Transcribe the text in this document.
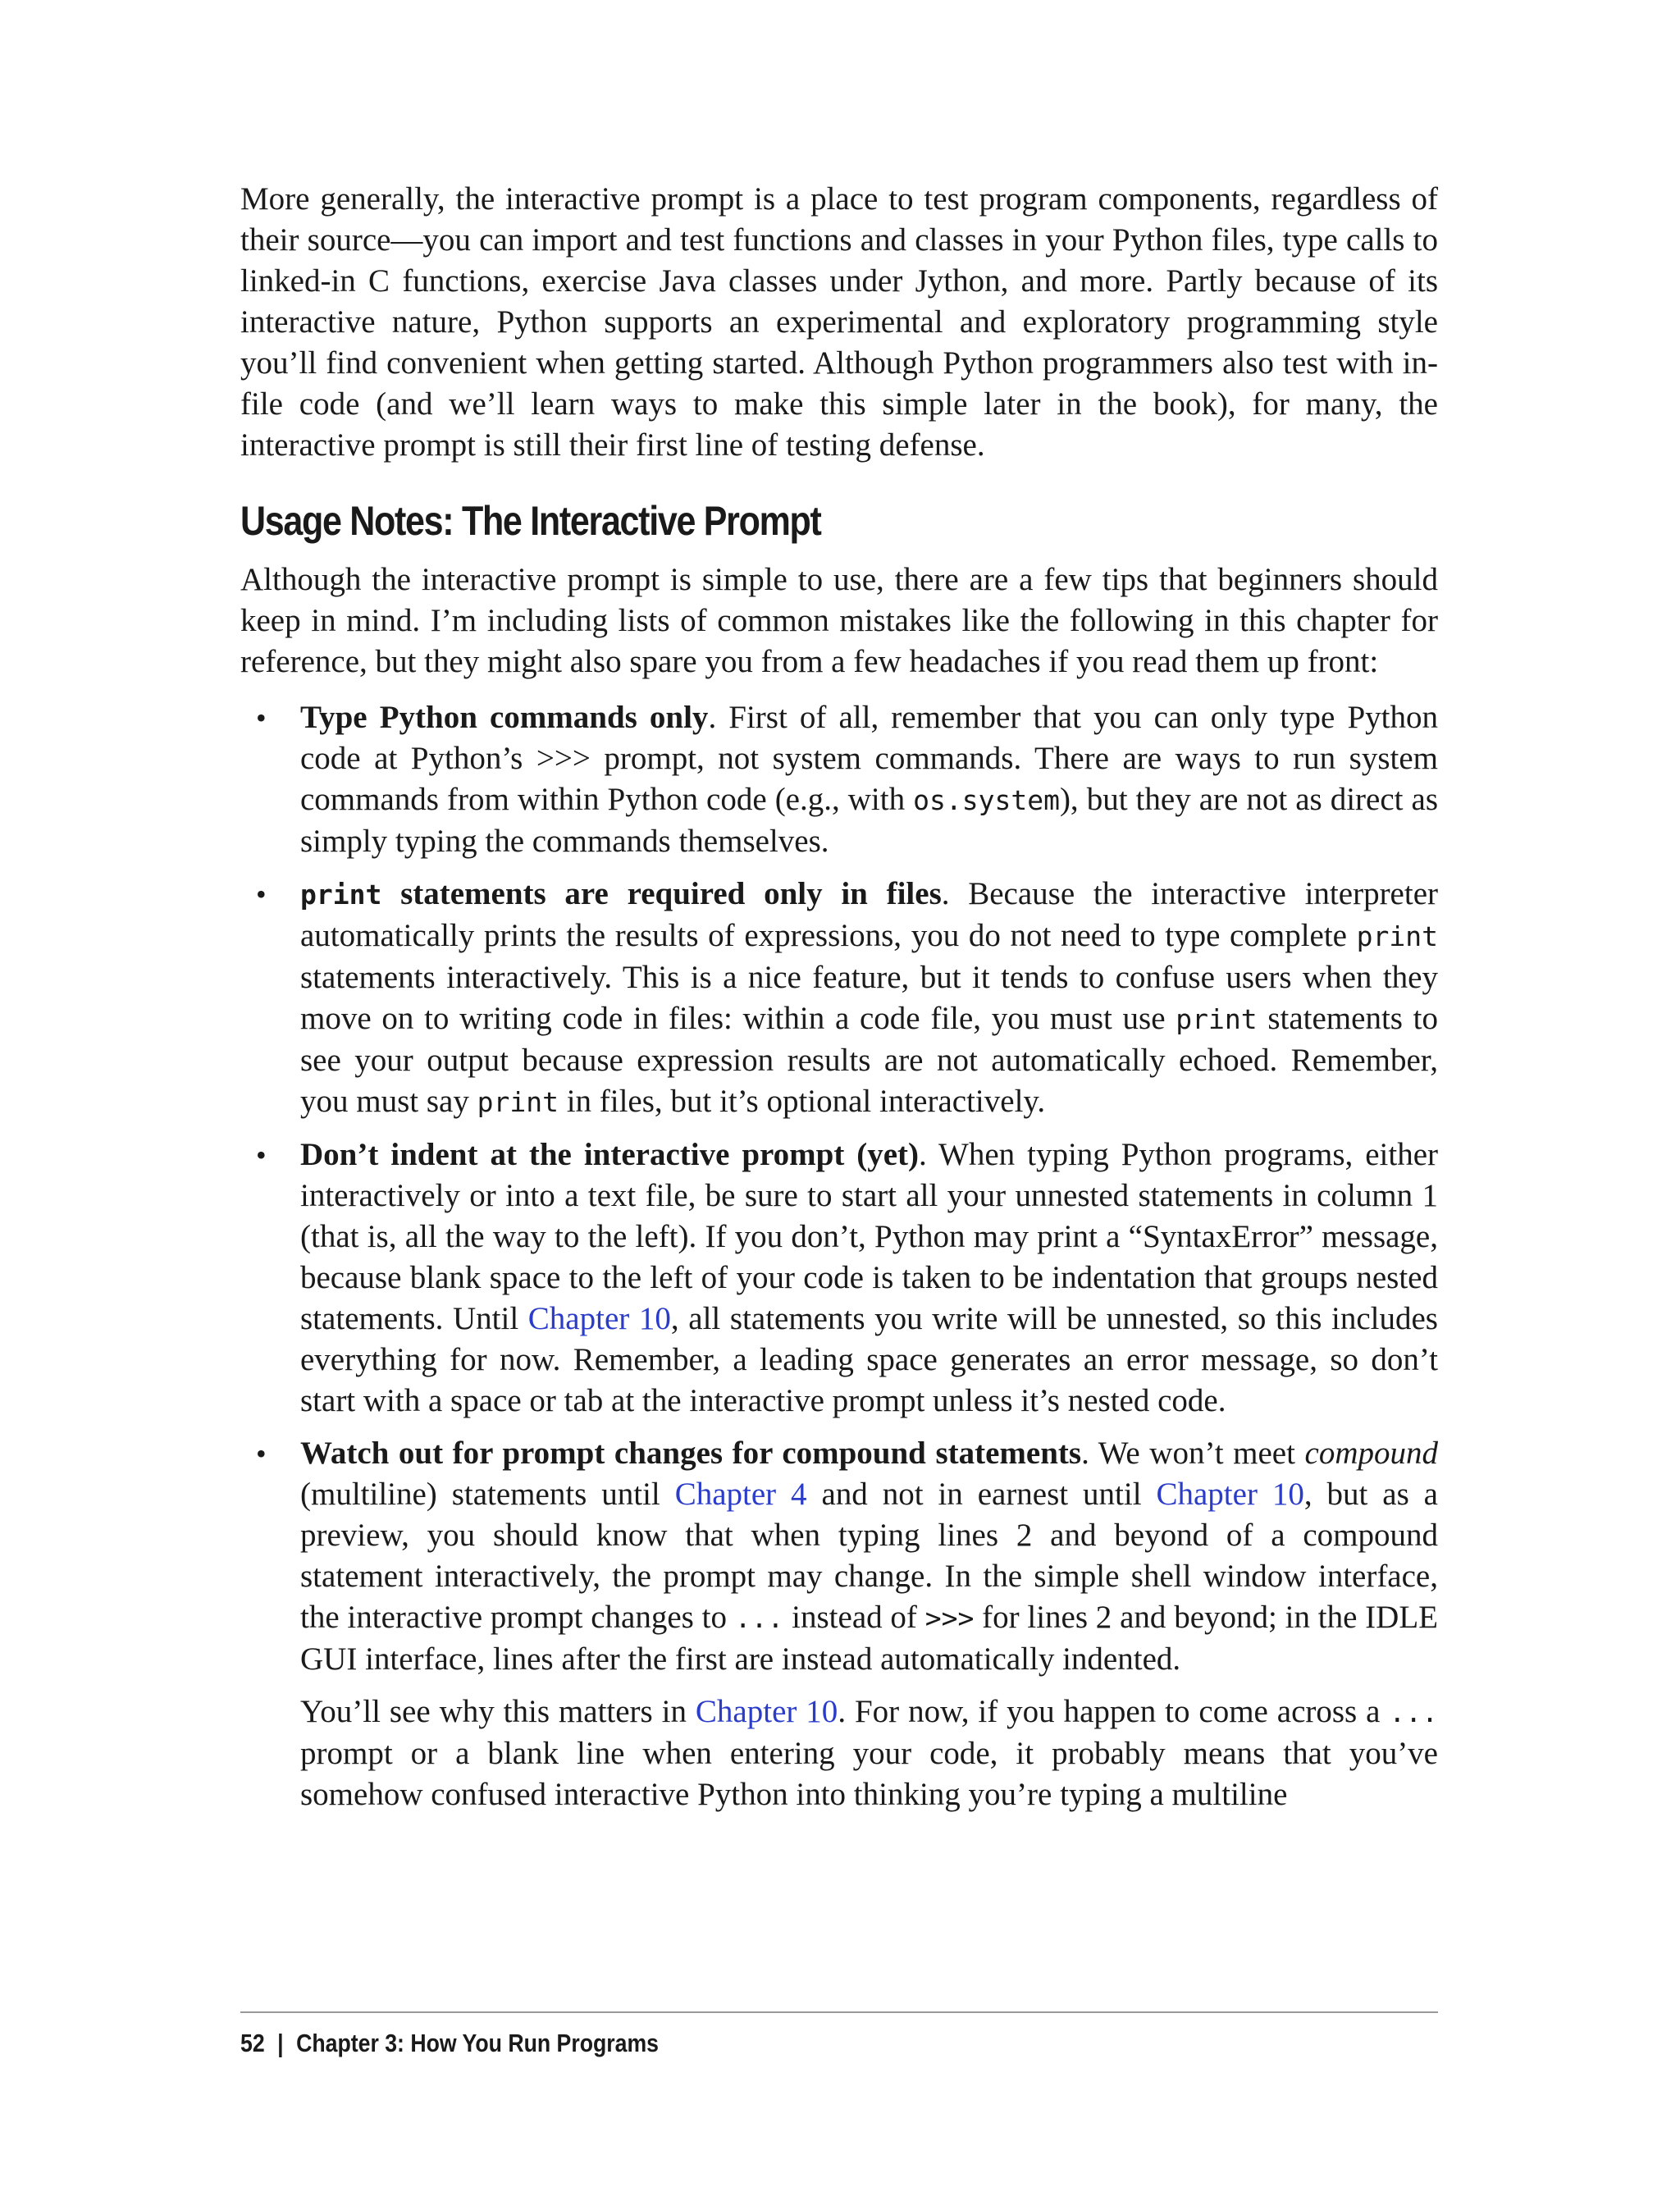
More generally, the interactive prompt is a place to test program components, regardless of their source—you can import and test functions and classes in your Python files, type calls to linked-in C functions, exercise Java classes under Jython, and more. Partly because of its interactive nature, Python supports an experimental and exploratory programming style you’ll find convenient when getting started. Although Python programmers also test with in-file code (and we’ll learn ways to make this simple later in the book), for many, the interactive prompt is still their first line of testing defense.

Usage Notes: The Interactive Prompt

Although the interactive prompt is simple to use, there are a few tips that beginners should keep in mind. I’m including lists of common mistakes like the following in this chapter for reference, but they might also spare you from a few headaches if you read them up front:

• Type Python commands only. First of all, remember that you can only type Python code at Python’s >>> prompt, not system commands. There are ways to run system commands from within Python code (e.g., with os.system), but they are not as direct as simply typing the commands themselves.
• print statements are required only in files. Because the interactive interpreter automatically prints the results of expressions, you do not need to type complete print statements interactively. This is a nice feature, but it tends to confuse users when they move on to writing code in files: within a code file, you must use print statements to see your output because expression results are not automatically echoed. Remember, you must say print in files, but it’s optional interactively.
• Don’t indent at the interactive prompt (yet). When typing Python programs, either interactively or into a text file, be sure to start all your unnested statements in column 1 (that is, all the way to the left). If you don’t, Python may print a “SyntaxError” message, because blank space to the left of your code is taken to be indentation that groups nested statements. Until Chapter 10, all statements you write will be unnested, so this includes everything for now. Remember, a leading space generates an error message, so don’t start with a space or tab at the interactive prompt unless it’s nested code.
• Watch out for prompt changes for compound statements. We won’t meet compound (multiline) statements until Chapter 4 and not in earnest until Chapter 10, but as a preview, you should know that when typing lines 2 and beyond of a compound statement interactively, the prompt may change. In the simple shell window interface, the interactive prompt changes to ... instead of >>> for lines 2 and beyond; in the IDLE GUI interface, lines after the first are instead automatically indented.

You’ll see why this matters in Chapter 10. For now, if you happen to come across a ... prompt or a blank line when entering your code, it probably means that you’ve somehow confused interactive Python into thinking you’re typing a multiline

52 | Chapter 3: How You Run Programs
